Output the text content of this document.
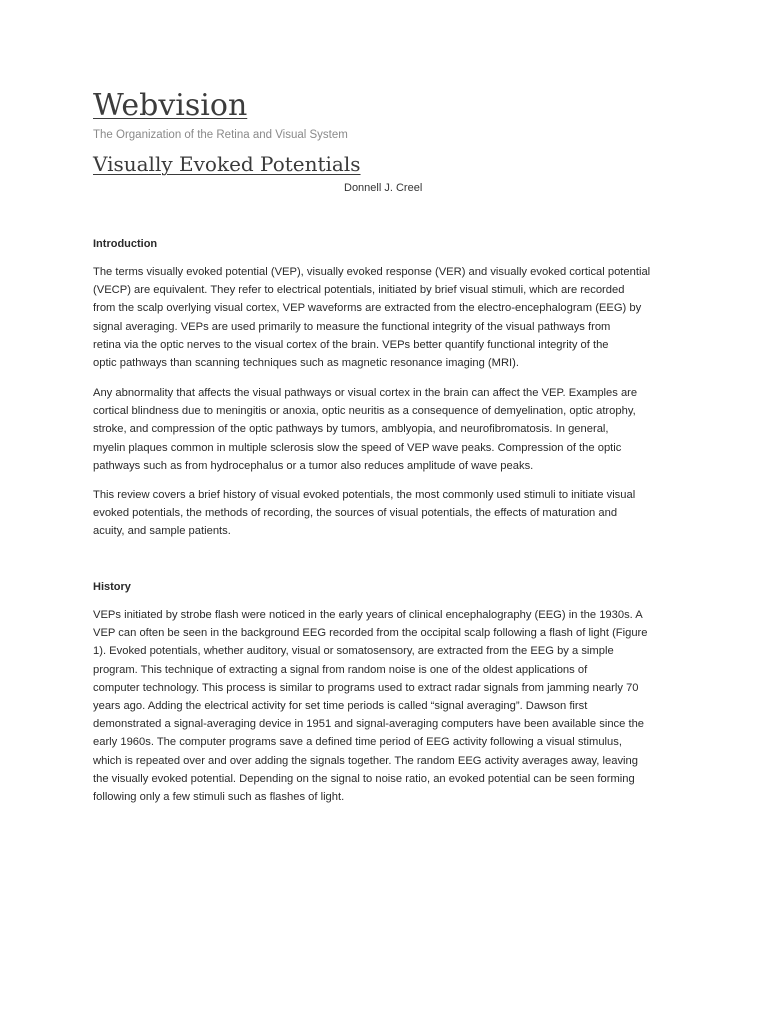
Webvision

The Organization of the Retina and Visual System

Visually Evoked Potentials

Donnell J. Creel

Introduction

The terms visually evoked potential (VEP), visually evoked response (VER) and visually evoked cortical potential
(VECP) are equivalent. They refer to electrical potentials, initiated by brief visual stimuli, which are recorded
from the scalp overlying visual cortex, VEP waveforms are extracted from the electro-encephalogram (EEG) by
signal averaging. VEPs are used primarily to measure the functional integrity of the visual pathways from
retina via the optic nerves to the visual cortex of the brain. VEPs better quantify functional integrity of the
optic pathways than scanning techniques such as magnetic resonance imaging (MRI).

Any abnormality that affects the visual pathways or visual cortex in the brain can affect the VEP. Examples are
cortical blindness due to meningitis or anoxia, optic neuritis as a consequence of demyelination, optic atrophy,
stroke, and compression of the optic pathways by tumors, amblyopia, and neurofibromatosis. In general,
myelin plaques common in multiple sclerosis slow the speed of VEP wave peaks. Compression of the optic
pathways such as from hydrocephalus or a tumor also reduces amplitude of wave peaks.

This review covers a brief history of visual evoked potentials, the most commonly used stimuli to initiate visual
evoked potentials, the methods of recording, the sources of visual potentials, the effects of maturation and
acuity, and sample patients.

History

VEPs initiated by strobe flash were noticed in the early years of clinical encephalography (EEG) in the 1930s. A
VEP can often be seen in the background EEG recorded from the occipital scalp following a flash of light (Figure
1). Evoked potentials, whether auditory, visual or somatosensory, are extracted from the EEG by a simple
program. This technique of extracting a signal from random noise is one of the oldest applications of
computer technology. This process is similar to programs used to extract radar signals from jamming nearly 70
years ago. Adding the electrical activity for set time periods is called “signal averaging”. Dawson first
demonstrated a signal-averaging device in 1951 and signal-averaging computers have been available since the
early 1960s. The computer programs save a defined time period of EEG activity following a visual stimulus,
which is repeated over and over adding the signals together. The random EEG activity averages away, leaving
the visually evoked potential. Depending on the signal to noise ratio, an evoked potential can be seen forming
following only a few stimuli such as flashes of light.
